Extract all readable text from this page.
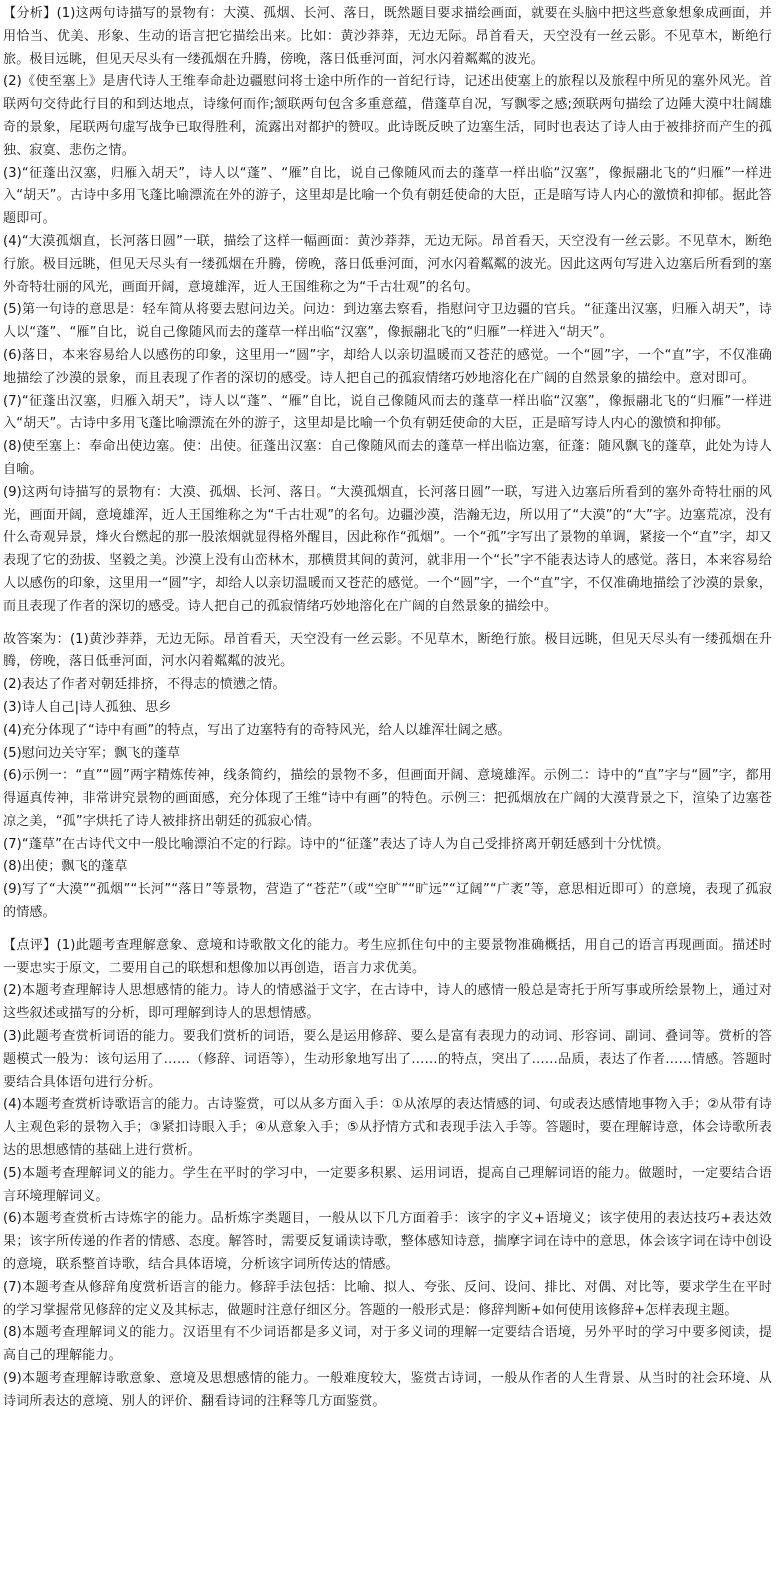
【分析】(1)这两句诗描写的景物有：大漠、孤烟、长河、落日，既然题目要求描绘画面，就要在头脑中把这些意象想象成画面，并用恰当、优美、形象、生动的语言把它描绘出来。比如：黄沙莽莽，无边无际。昂首看天，天空没有一丝云影。不见草木，断绝行旅。极目远眺，但见天尽头有一缕孤烟在升腾，傍晚，落日低垂河面，河水闪着粼粼的波光。

(2)《使至塞上》是唐代诗人王维奉命赴边疆慰问将士途中所作的一首纪行诗，记述出使塞上的旅程以及旅程中所见的塞外风光。首联两句交待此行目的和到达地点，诗缘何而作;颔联两句包含多重意蕴，借蓬草自况，写飘零之感;颈联两句描绘了边陲大漠中壮阔雄奇的景象，尾联两句虚写战争已取得胜利，流露出对都护的赞叹。此诗既反映了边塞生活，同时也表达了诗人由于被排挤而产生的孤独、寂寞、悲伤之情。

(3)“征蓬出汉塞，归雁入胡天”，诗人以“蓬”、“雁”自比，说自己像随风而去的蓬草一样出临“汉塞”，像振翮北飞的“归雁”一样进入“胡天”。古诗中多用飞蓬比喻漂流在外的游子，这里却是比喻一个负有朝廷使命的大臣，正是暗写诗人内心的激愤和抑郁。据此答题即可。

(4)“大漠孤烟直，长河落日圆”一联，描绘了这样一幅画面：黄沙莽莽，无边无际。昂首看天，天空没有一丝云影。不见草木，断绝行旅。极目远眺，但见天尽头有一缕孤烟在升腾，傍晚，落日低垂河面，河水闪着粼粼的波光。因此这两句写进入边塞后所看到的塞外奇特壮丽的风光，画面开阔，意境雄浑，近人王国维称之为“千古壮观”的名句。

(5)第一句诗的意思是：轻车简从将要去慰问边关。问边：到边塞去察看，指慰问守卫边疆的官兵。“征蓬出汉塞，归雁入胡天”，诗人以“蓬”、“雁”自比，说自己像随风而去的蓬草一样出临“汉塞”，像振翮北飞的“归雁”一样进入“胡天”。

(6)落日，本来容易给人以感伤的印象，这里用一“圆”字，却给人以亲切温暖而又苍茫的感觉。一个“圆”字，一个“直”字，不仅准确地描绘了沙漠的景象，而且表现了作者的深切的感受。诗人把自己的孤寂情绪巧妙地溶化在广阔的自然景象的描绘中。意对即可。

(7)“征蓬出汉塞，归雁入胡天”，诗人以“蓬”、“雁”自比，说自己像随风而去的蓬草一样出临“汉塞”，像振翮北飞的“归雁”一样进入“胡天”。古诗中多用飞蓬比喻漂流在外的游子，这里却是比喻一个负有朝廷使命的大臣，正是暗写诗人内心的激愤和抑郁。

(8)使至塞上：奉命出使边塞。使：出使。征蓬出汉塞：自己像随风而去的蓬草一样出临边塞，征蓬：随风飘飞的蓬草，此处为诗人自喻。

(9)这两句诗描写的景物有：大漠、孤烟、长河、落日。“大漠孤烟直，长河落日圆”一联，写进入边塞后所看到的塞外奇特壮丽的风光，画面开阔，意境雄浑，近人王国维称之为“千古壮观”的名句。边疆沙漠，浩瀚无边，所以用了“大漠”的“大”字。边塞荒凉，没有什么奇观异景，烽火台燃起的那一股浓烟就显得格外醒目，因此称作“孤烟”。一个“孤”字写出了景物的单调，紧接一个“直”字，却又表现了它的劲拔、坚毅之美。沙漠上没有山峦林木，那横贯其间的黄河，就非用一个“长”字不能表达诗人的感觉。落日，本来容易给人以感伤的印象，这里用一“圆”字，却给人以亲切温暖而又苍茫的感觉。一个“圆”字，一个“直”字，不仅准确地描绘了沙漠的景象，而且表现了作者的深切的感受。诗人把自己的孤寂情绪巧妙地溶化在广阔的自然景象的描绘中。

故答案为：(1)黄沙莽莽，无边无际。昂首看天，天空没有一丝云影。不见草木，断绝行旅。极目远眺，但见天尽头有一缕孤烟在升腾，傍晚，落日低垂河面，河水闪着粼粼的波光。

(2)表达了作者对朝廷排挤，不得志的愤懑之情。

(3)诗人自己|诗人孤独、思乡

(4)充分体现了“诗中有画”的特点，写出了边塞特有的奇特风光，给人以雄浑壮阔之感。

(5)慰问边关守军；飘飞的蓬草

(6)示例一：“直”“圆”两字精炼传神，线条简约，描绘的景物不多，但画面开阔、意境雄浑。示例二：诗中的“直”字与“圆”字，都用得逼真传神，非常讲究景物的画面感，充分体现了王维“诗中有画”的特色。示例三：把孤烟放在广阔的大漠背景之下，渲染了边塞苍凉之美，“孤”字烘托了诗人被排挤出朝廷的孤寂心情。

(7)“蓬草”在古诗代文中一般比喻漂泊不定的行踪。诗中的“征蓬”表达了诗人为自己受排挤离开朝廷感到十分忧愤。

(8)出使；飘飞的蓬草

(9)写了“大漠”“孤烟”“长河”“落日”等景物，营造了“苍茫”（或“空旷”“旷远”“辽阔”“广袤”等，意思相近即可）的意境，表现了孤寂的情感。

【点评】(1)此题考查理解意象、意境和诗歌散文化的能力。考生应抓住句中的主要景物准确概括，用自己的语言再现画面。描述时一要忠实于原文，二要用自己的联想和想像加以再创造，语言力求优美。

(2)本题考查理解诗人思想感情的能力。诗人的情感溢于文字，在古诗中，诗人的感情一般总是寄托于所写事或所绘景物上，通过对这些叙述或描写的分析，即可理解到诗人的思想情感。

(3)此题考查赏析词语的能力。要我们赏析的词语，要么是运用修辞、要么是富有表现力的动词、形容词、副词、叠词等。赏析的答题模式一般为：该句运用了……（修辞、词语等），生动形象地写出了……的特点，突出了……品质，表达了作者……情感。答题时要结合具体语句进行分析。

(4)本题考查赏析诗歌语言的能力。古诗鉴赏，可以从多方面入手：①从浓厚的表达情感的词、句或表达感情地事物入手；②从带有诗人主观色彩的景物入手；③紧扣诗眼入手；④从意象入手；⑤从抒情方式和表现手法入手等。答题时，要在理解诗意，体会诗歌所表达的思想感情的基础上进行赏析。

(5)本题考查理解词义的能力。学生在平时的学习中，一定要多积累、运用词语，提高自己理解词语的能力。做题时，一定要结合语言环境理解词义。

(6)本题考查赏析古诗炼字的能力。品析炼字类题目，一般从以下几方面着手：该字的字义+语境义；该字使用的表达技巧+表达效果；该字所传递的作者的情感、态度。解答时，需要反复诵读诗歌，整体感知诗意，揣摩字词在诗中的意思，体会该字词在诗中创设的意境，联系整首诗歌，结合具体语境，分析该字词所传达的情感。

(7)本题考查从修辞角度赏析语言的能力。修辞手法包括：比喻、拟人、夸张、反问、设问、排比、对偶、对比等，要求学生在平时的学习掌握常见修辞的定义及其标志，做题时注意仔细区分。答题的一般形式是：修辞判断+如何使用该修辞+怎样表现主题。

(8)本题考查理解词义的能力。汉语里有不少词语都是多义词，对于多义词的理解一定要结合语境，另外平时的学习中要多阅读，提高自己的理解能力。

(9)本题考查理解诗歌意象、意境及思想感情的能力。一般难度较大，鉴赏古诗词，一般从作者的人生背景、从当时的社会环境、从诗词所表达的意境、别人的评价、翻看诗词的注释等几方面鉴赏。
